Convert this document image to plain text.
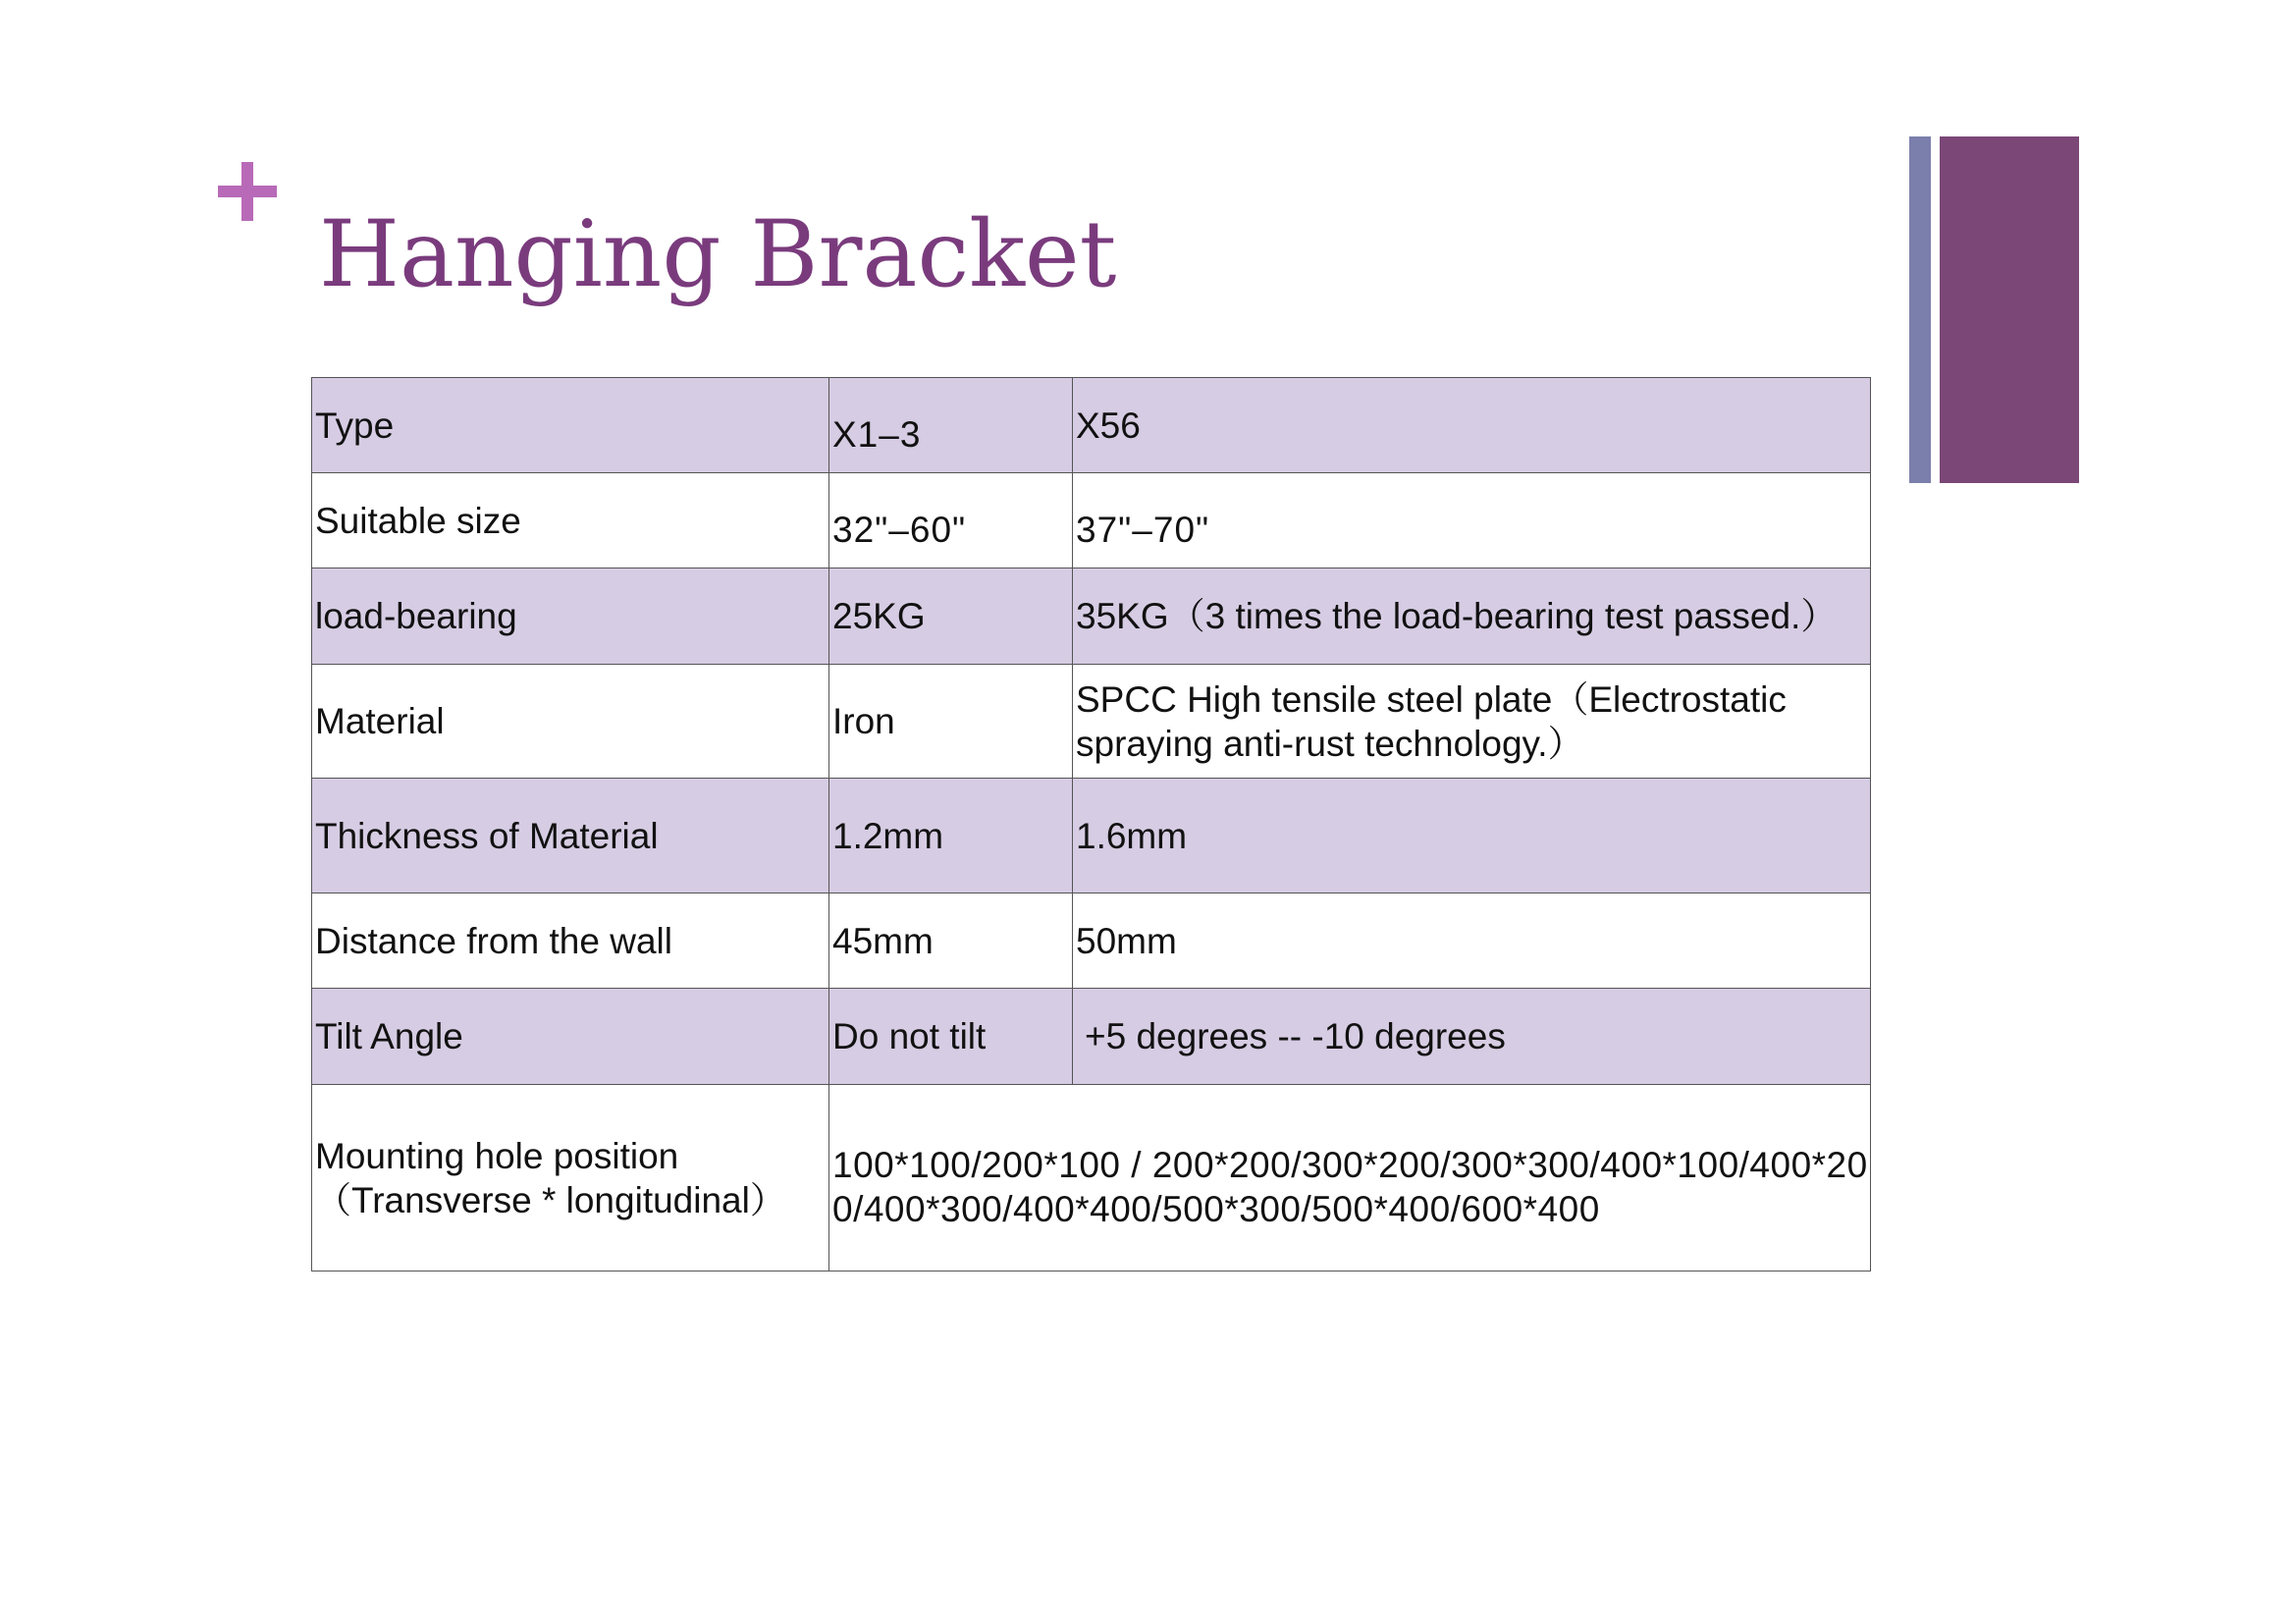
Hanging Bracket
Type	X1–3	X56
Suitable size	32"–60"	37"–70"
load-bearing	25KG	35KG（3 times the load-bearing test passed.）
Material	Iron	SPCC High tensile steel plate（Electrostatic spraying anti-rust technology.）
Thickness of Material	1.2mm	1.6mm
Distance from the wall	45mm	50mm
Tilt Angle	Do not tilt	+5 degrees -- -10 degrees
Mounting hole position（Transverse * longitudinal）	100*100/200*100 / 200*200/300*200/300*300/400*100/400*200/400*300/400*400/500*300/500*400/600*400	
